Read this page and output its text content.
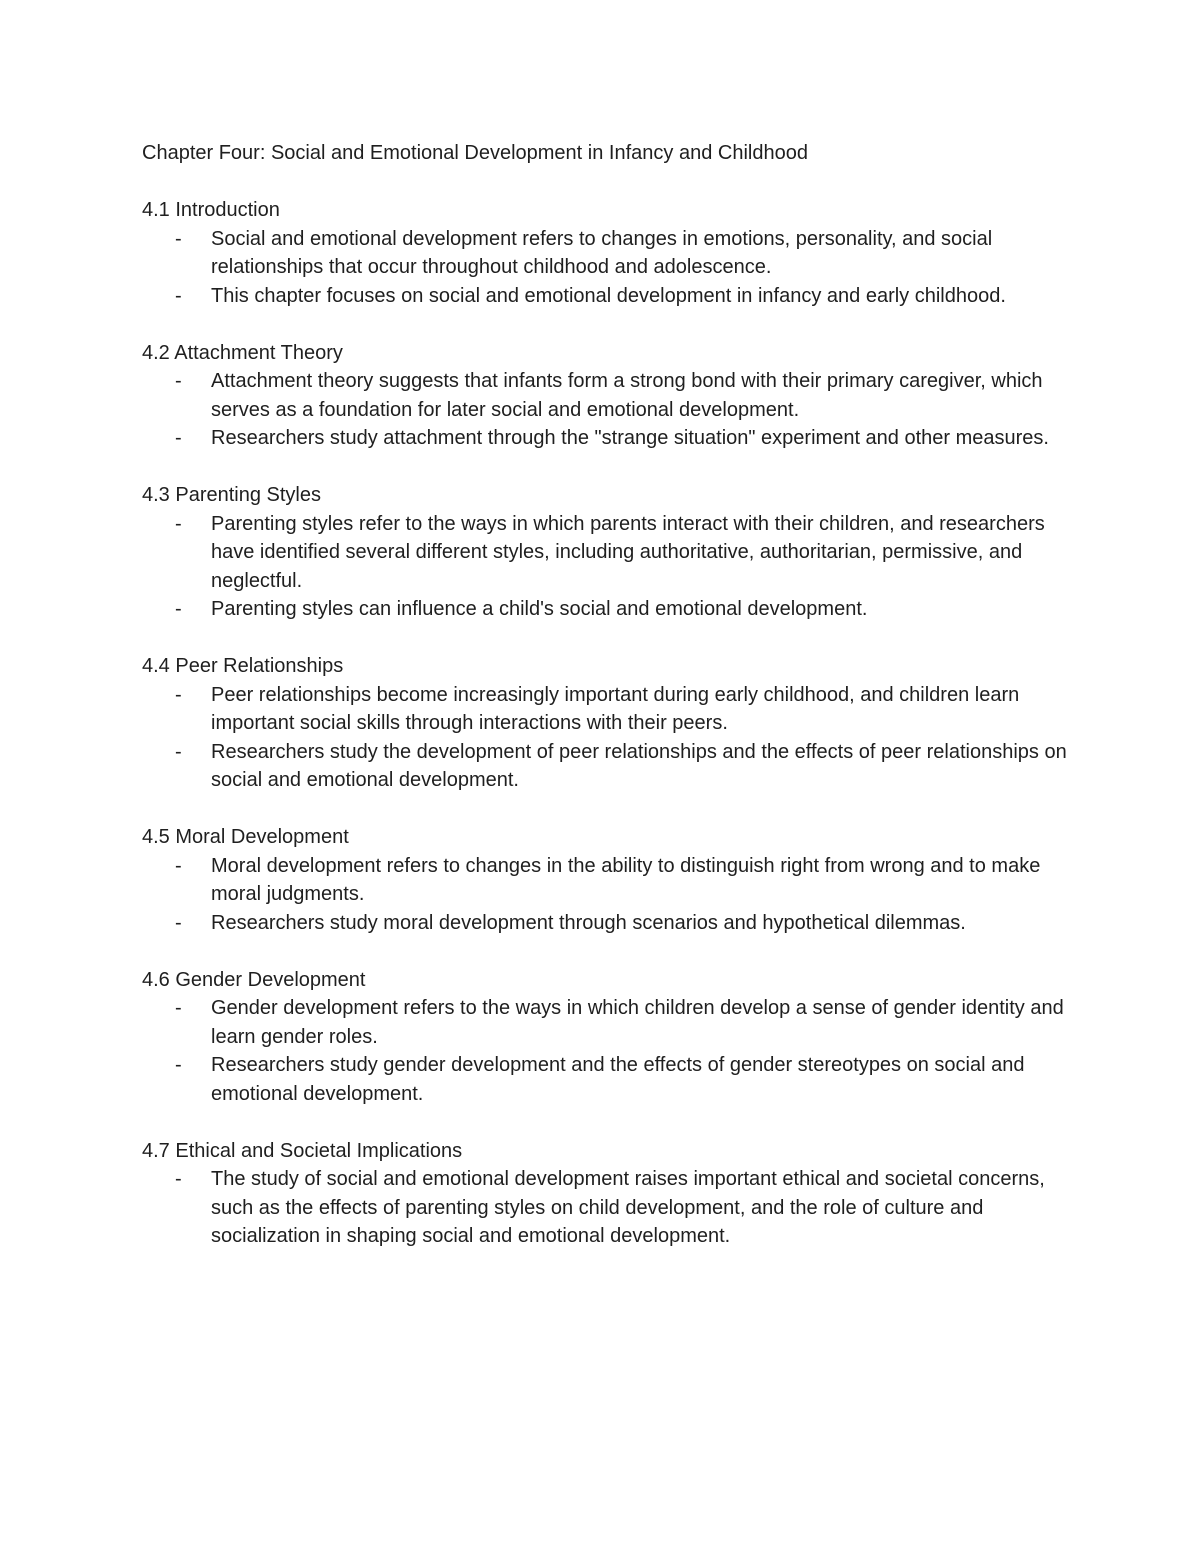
Chapter Four: Social and Emotional Development in Infancy and Childhood
4.1 Introduction
- Social and emotional development refers to changes in emotions, personality, and social relationships that occur throughout childhood and adolescence.
- This chapter focuses on social and emotional development in infancy and early childhood.
4.2 Attachment Theory
- Attachment theory suggests that infants form a strong bond with their primary caregiver, which serves as a foundation for later social and emotional development.
- Researchers study attachment through the "strange situation" experiment and other measures.
4.3 Parenting Styles
- Parenting styles refer to the ways in which parents interact with their children, and researchers have identified several different styles, including authoritative, authoritarian, permissive, and neglectful.
- Parenting styles can influence a child's social and emotional development.
4.4 Peer Relationships
- Peer relationships become increasingly important during early childhood, and children learn important social skills through interactions with their peers.
- Researchers study the development of peer relationships and the effects of peer relationships on social and emotional development.
4.5 Moral Development
- Moral development refers to changes in the ability to distinguish right from wrong and to make moral judgments.
- Researchers study moral development through scenarios and hypothetical dilemmas.
4.6 Gender Development
- Gender development refers to the ways in which children develop a sense of gender identity and learn gender roles.
- Researchers study gender development and the effects of gender stereotypes on social and emotional development.
4.7 Ethical and Societal Implications
- The study of social and emotional development raises important ethical and societal concerns, such as the effects of parenting styles on child development, and the role of culture and socialization in shaping social and emotional development.
